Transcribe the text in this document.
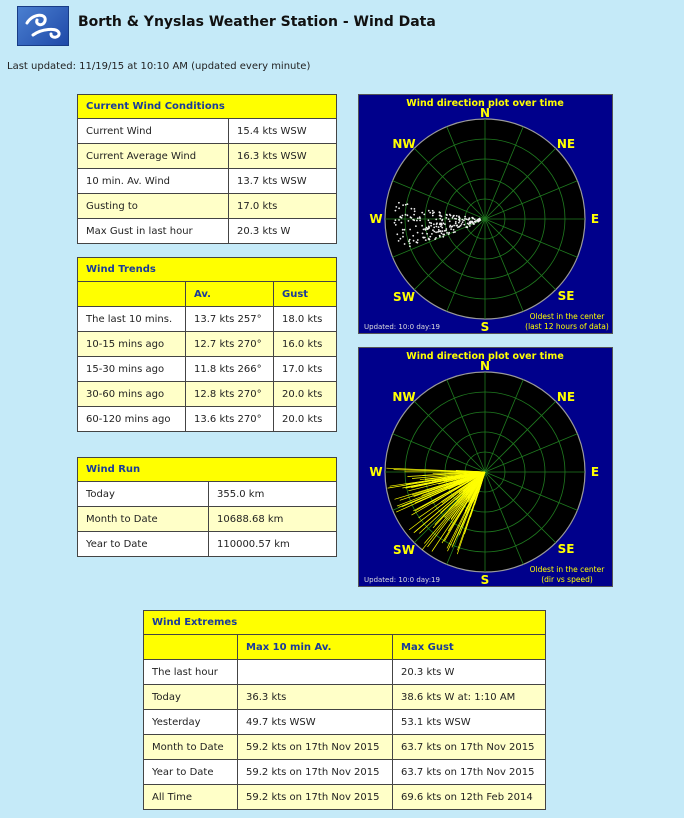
Borth & Ynyslas Weather Station - Wind Data
Last updated: 11/19/15 at 10:10 AM (updated every minute)
Current Wind Conditions	
Current Wind	15.4 kts WSW
Current Average Wind	16.3 kts WSW
10 min. Av. Wind	13.7 kts WSW
Gusting to	17.0 kts
Max Gust in last hour	20.3 kts W
Wind Trends		
	Av.	Gust
The last 10 mins.	13.7 kts 257°	18.0 kts
10-15 mins ago	12.7 kts 270°	16.0 kts
15-30 mins ago	11.8 kts 266°	17.0 kts
30-60 mins ago	12.8 kts 270°	20.0 kts
60-120 mins ago	13.6 kts 270°	20.0 kts
Wind Run	
Today	355.0 km
Month to Date	10688.68 km
Year to Date	110000.57 km
Wind direction plot over time
N
NW	NE
W	E
SW	SE
S
Updated: 10:0 day:19
Oldest in the center
(last 12 hours of data)
Wind direction plot over time
N
NW	NE
W	E
SW	SE
S
Updated: 10:0 day:19
Oldest in the center
(dir vs speed)
Wind Extremes		
	Max 10 min Av.	Max Gust
The last hour		20.3 kts W
Today	36.3 kts	38.6 kts W at: 1:10 AM
Yesterday	49.7 kts WSW	53.1 kts WSW
Month to Date	59.2 kts on 17th Nov 2015	63.7 kts on 17th Nov 2015
Year to Date	59.2 kts on 17th Nov 2015	63.7 kts on 17th Nov 2015
All Time	59.2 kts on 17th Nov 2015	69.6 kts on 12th Feb 2014
